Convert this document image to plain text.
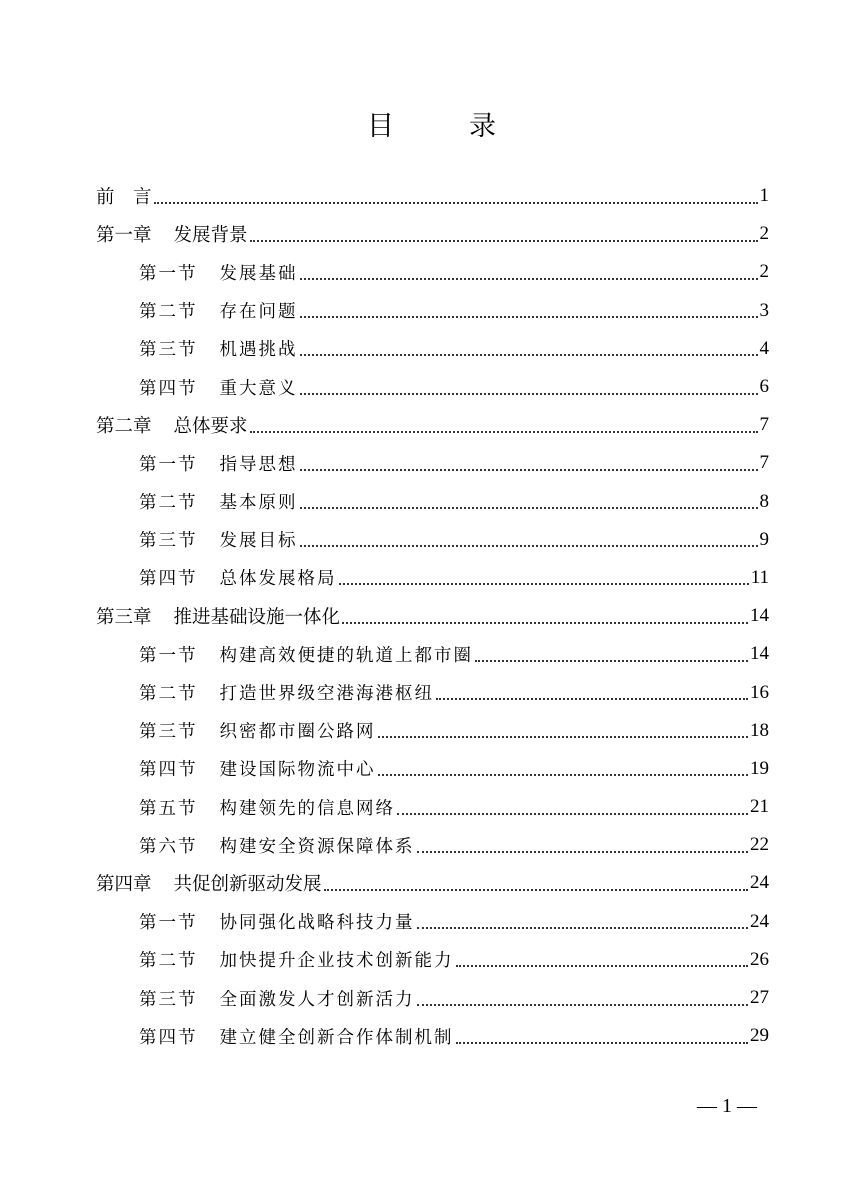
目　录
前　言	1
第一章 发展背景	2
第一节 发展基础	2
第二节 存在问题	3
第三节 机遇挑战	4
第四节 重大意义	6
第二章 总体要求	7
第一节 指导思想	7
第二节 基本原则	8
第三节 发展目标	9
第四节 总体发展格局	11
第三章 推进基础设施一体化	14
第一节 构建高效便捷的轨道上都市圈	14
第二节 打造世界级空港海港枢纽	16
第三节 织密都市圈公路网	18
第四节 建设国际物流中心	19
第五节 构建领先的信息网络	21
第六节 构建安全资源保障体系	22
第四章 共促创新驱动发展	24
第一节 协同强化战略科技力量	24
第二节 加快提升企业技术创新能力	26
第三节 全面激发人才创新活力	27
第四节 建立健全创新合作体制机制	29
— 1 —
